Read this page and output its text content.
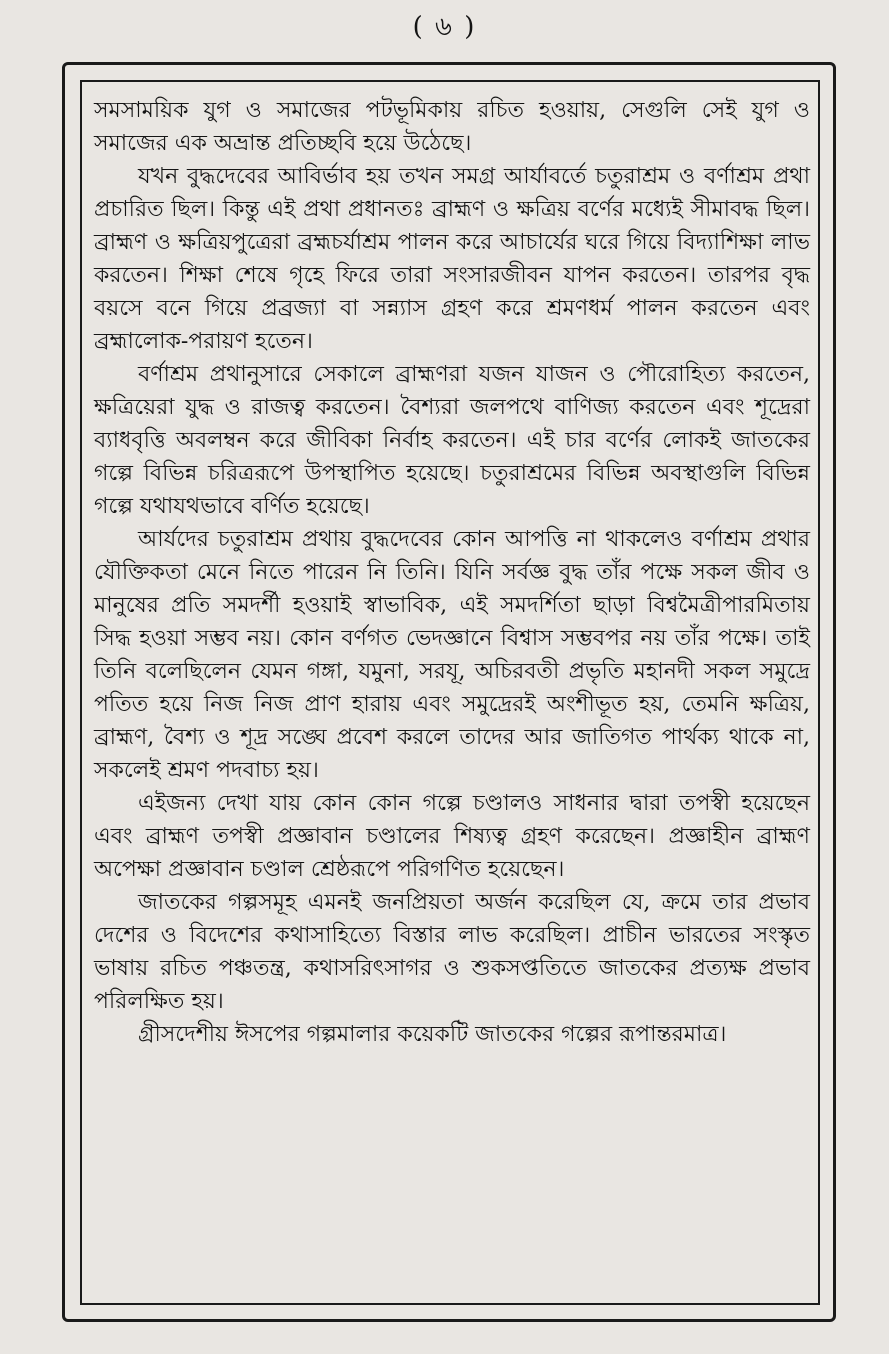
( ৬ )

সমসাময়িক যুগ ও সমাজের পটভূমিকায় রচিত হওয়ায়, সেগুলি সেই যুগ ও সমাজের এক অভ্রান্ত প্রতিচ্ছবি হয়ে উঠেছে।

যখন বুদ্ধদেবের আবির্ভাব হয় তখন সমগ্র আর্যাবর্তে চতুরাশ্রম ও বর্ণাশ্রম প্রথা প্রচারিত ছিল। কিন্তু এই প্রথা প্রধানতঃ ব্রাহ্মণ ও ক্ষত্রিয় বর্ণের মধ্যেই সীমাবদ্ধ ছিল। ব্রাহ্মণ ও ক্ষত্রিয়পুত্রেরা ব্রহ্মচর্যাশ্রম পালন করে আচার্যের ঘরে গিয়ে বিদ্যাশিক্ষা লাভ করতেন। শিক্ষা শেষে গৃহে ফিরে তারা সংসারজীবন যাপন করতেন। তারপর বৃদ্ধ বয়সে বনে গিয়ে প্রব্রজ্যা বা সন্ন্যাস গ্রহণ করে শ্রমণধর্ম পালন করতেন এবং ব্রহ্মালোক-পরায়ণ হতেন।

বর্ণাশ্রম প্রথানুসারে সেকালে ব্রাহ্মণরা যজন যাজন ও পৌরোহিত্য করতেন, ক্ষত্রিয়েরা যুদ্ধ ও রাজত্ব করতেন। বৈশ্যরা জলপথে বাণিজ্য করতেন এবং শূদ্রেরা ব্যাধবৃত্তি অবলম্বন করে জীবিকা নির্বাহ করতেন। এই চার বর্ণের লোকই জাতকের গল্পে বিভিন্ন চরিত্ররূপে উপস্থাপিত হয়েছে। চতুরাশ্রমের বিভিন্ন অবস্থাগুলি বিভিন্ন গল্পে যথাযথভাবে বর্ণিত হয়েছে।

আর্যদের চতুরাশ্রম প্রথায় বুদ্ধদেবের কোন আপত্তি না থাকলেও বর্ণাশ্রম প্রথার যৌক্তিকতা মেনে নিতে পারেন নি তিনি। যিনি সর্বজ্ঞ বুদ্ধ তাঁর পক্ষে সকল জীব ও মানুষের প্রতি সমদর্শী হওয়াই স্বাভাবিক, এই সমদর্শিতা ছাড়া বিশ্বমৈত্রীপারমিতায় সিদ্ধ হওয়া সম্ভব নয়। কোন বর্ণগত ভেদজ্ঞানে বিশ্বাস সম্ভবপর নয় তাঁর পক্ষে। তাই তিনি বলেছিলেন যেমন গঙ্গা, যমুনা, সরযূ, অচিরবতী প্রভৃতি মহানদী সকল সমুদ্রে পতিত হয়ে নিজ নিজ প্রাণ হারায় এবং সমুদ্রেরই অংশীভূত হয়, তেমনি ক্ষত্রিয়, ব্রাহ্মণ, বৈশ্য ও শূদ্র সঙ্ঘে প্রবেশ করলে তাদের আর জাতিগত পার্থক্য থাকে না, সকলেই শ্রমণ পদবাচ্য হয়।

এইজন্য দেখা যায় কোন কোন গল্পে চণ্ডালও সাধনার দ্বারা তপস্বী হয়েছেন এবং ব্রাহ্মণ তপস্বী প্রজ্ঞাবান চণ্ডালের শিষ্যত্ব গ্রহণ করেছেন। প্রজ্ঞাহীন ব্রাহ্মণ অপেক্ষা প্রজ্ঞাবান চণ্ডাল শ্রেষ্ঠরূপে পরিগণিত হয়েছেন।

জাতকের গল্পসমূহ এমনই জনপ্রিয়তা অর্জন করেছিল যে, ক্রমে তার প্রভাব দেশের ও বিদেশের কথাসাহিত্যে বিস্তার লাভ করেছিল। প্রাচীন ভারতের সংস্কৃত ভাষায় রচিত পঞ্চতন্ত্র, কথাসরিৎসাগর ও শুকসপ্ততিতে জাতকের প্রত্যক্ষ প্রভাব পরিলক্ষিত হয়।

গ্রীসদেশীয় ঈসপের গল্পমালার কয়েকটি জাতকের গল্পের রূপান্তরমাত্র।
